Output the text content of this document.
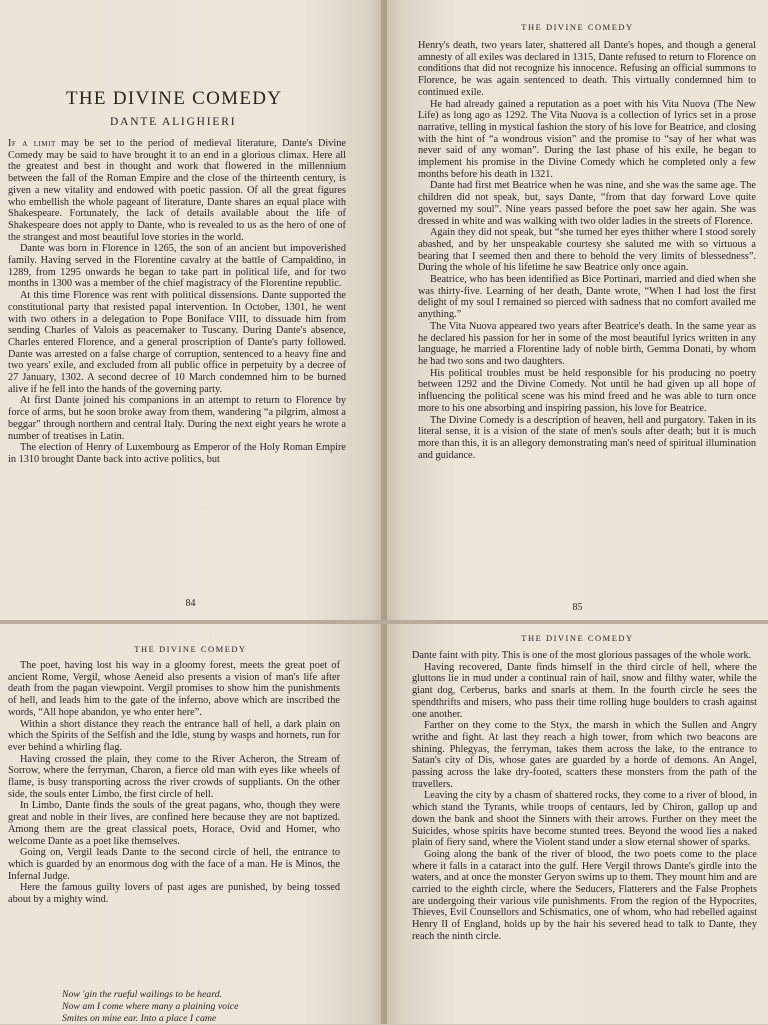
THE DIVINE COMEDY
DANTE ALIGHIERI

If a limit may be set to the period of medieval literature, Dante's Divine Comedy may be said to have brought it to an end in a glorious climax. Here all the greatest and best in thought and work that flowered in the millennium between the fall of the Roman Empire and the close of the thirteenth century, is given a new vitality and endowed with poetic passion. Of all the great figures who embellish the whole pageant of literature, Dante shares an equal place with Shakespeare. Fortunately, the lack of details available about the life of Shakespeare does not apply to Dante, who is revealed to us as the hero of one of the strangest and most beautiful love stories in the world.

Dante was born in Florence in 1265, the son of an ancient but impoverished family. Having served in the Florentine cavalry at the battle of Campaldino, in 1289, from 1295 onwards he began to take part in political life, and for two months in 1300 was a member of the chief magistracy of the Florentine republic.

At this time Florence was rent with political dissensions. Dante supported the constitutional party that resisted papal intervention. In October, 1301, he went with two others in a delegation to Pope Boniface VIII, to dissuade him from sending Charles of Valois as peacemaker to Tuscany. During Dante's absence, Charles entered Florence, and a general proscription of Dante's party followed. Dante was arrested on a false charge of corruption, sentenced to a heavy fine and two years' exile, and excluded from all public office in perpetuity by a decree of 27 January, 1302. A second decree of 10 March condemned him to be burned alive if he fell into the hands of the governing party.

At first Dante joined his companions in an attempt to return to Florence by force of arms, but he soon broke away from them, wandering “a pilgrim, almost a beggar” through northern and central Italy. During the next eight years he wrote a number of treatises in Latin.

The election of Henry of Luxembourg as Emperor of the Holy Roman Empire in 1310 brought Dante back into active politics, but

84
THE DIVINE COMEDY

Henry's death, two years later, shattered all Dante's hopes, and though a general amnesty of all exiles was declared in 1315, Dante refused to return to Florence on conditions that did not recognize his innocence. Refusing an official summons to Florence, he was again sentenced to death. This virtually condemned him to continued exile.

He had already gained a reputation as a poet with his Vita Nuova (The New Life) as long ago as 1292. The Vita Nuova is a collection of lyrics set in a prose narrative, telling in mystical fashion the story of his love for Beatrice, and closing with the hint of “a wondrous vision” and the promise to “say of her what was never said of any woman”. During the last phase of his exile, he began to implement his promise in the Divine Comedy which he completed only a few months before his death in 1321.

Dante had first met Beatrice when he was nine, and she was the same age. The children did not speak, but, says Dante, “from that day forward Love quite governed my soul”. Nine years passed before the poet saw her again. She was dressed in white and was walking with two older ladies in the streets of Florence.

Again they did not speak, but “she turned her eyes thither where I stood sorely abashed, and by her unspeakable courtesy she saluted me with so virtuous a bearing that I seemed then and there to behold the very limits of blessedness”. During the whole of his lifetime he saw Beatrice only once again.

Beatrice, who has been identified as Bice Portinari, married and died when she was thirty-five. Learning of her death, Dante wrote, “When I had lost the first delight of my soul I remained so pierced with sadness that no comfort availed me anything.”

The Vita Nuova appeared two years after Beatrice's death. In the same year as he declared his passion for her in some of the most beautiful lyrics written in any language, he married a Florentine lady of noble birth, Gemma Donati, by whom he had two sons and two daughters.

His political troubles must be held responsible for his producing no poetry between 1292 and the Divine Comedy. Not until he had given up all hope of influencing the political scene was his mind freed and he was able to turn once more to his one absorbing and inspiring passion, his love for Beatrice.

The Divine Comedy is a description of heaven, hell and purgatory. Taken in its literal sense, it is a vision of the state of men's souls after death; but it is much more than this, it is an allegory demonstrating man's need of spiritual illumination and guidance.

85
THE DIVINE COMEDY

The poet, having lost his way in a gloomy forest, meets the great poet of ancient Rome, Vergil, whose Aeneid also presents a vision of man's life after death from the pagan viewpoint. Vergil promises to show him the punishments of hell, and leads him to the gate of the inferno, above which are inscribed the words, “All hope abandon, ye who enter here”.

Within a short distance they reach the entrance hall of hell, a dark plain on which the Spirits of the Selfish and the Idle, stung by wasps and hornets, run for ever behind a whirling flag.

Having crossed the plain, they come to the River Acheron, the Stream of Sorrow, where the ferryman, Charon, a fierce old man with eyes like wheels of flame, is busy transporting across the river crowds of suppliants. On the other side, the souls enter Limbo, the first circle of hell.

In Limbo, Dante finds the souls of the great pagans, who, though they were great and noble in their lives, are confined here because they are not baptized. Among them are the great classical poets, Horace, Ovid and Homer, who welcome Dante as a poet like themselves.

Going on, Vergil leads Dante to the second circle of hell, the entrance to which is guarded by an enormous dog with the face of a man. He is Minos, the Infernal Judge.

Here the famous guilty lovers of past ages are punished, by being tossed about by a mighty wind.

Now 'gin the rueful wailings to be heard.
Now am I come where many a plaining voice
Smites on mine ear. Into a place I came
THE DIVINE COMEDY

Dante faint with pity. This is one of the most glorious passages of the whole work.

Having recovered, Dante finds himself in the third circle of hell, where the gluttons lie in mud under a continual rain of hail, snow and filthy water, while the giant dog, Cerberus, barks and snarls at them. In the fourth circle he sees the spendthrifts and misers, who pass their time rolling huge boulders to crash against one another.

Farther on they come to the Styx, the marsh in which the Sullen and Angry writhe and fight. At last they reach a high tower, from which two beacons are shining. Phlegyas, the ferryman, takes them across the lake, to the entrance to Satan's city of Dis, whose gates are guarded by a horde of demons. An Angel, passing across the lake dry-footed, scatters these monsters from the path of the travellers.

Leaving the city by a chasm of shattered rocks, they come to a river of blood, in which stand the Tyrants, while troops of centaurs, led by Chiron, gallop up and down the bank and shoot the Sinners with their arrows. Further on they meet the Suicides, whose spirits have become stunted trees. Beyond the wood lies a naked plain of fiery sand, where the Violent stand under a slow eternal shower of sparks.

Going along the bank of the river of blood, the two poets come to the place where it falls in a cataract into the gulf. Here Vergil throws Dante's girdle into the waters, and at once the monster Geryon swims up to them. They mount him and are carried to the eighth circle, where the Seducers, Flatterers and the False Prophets are undergoing their various vile punishments. From the region of the Hypocrites, Thieves, Evil Counsellors and Schismatics, one of whom, who had rebelled against Henry II of England, holds up by the hair his severed head to talk to Dante, they reach the ninth circle.
